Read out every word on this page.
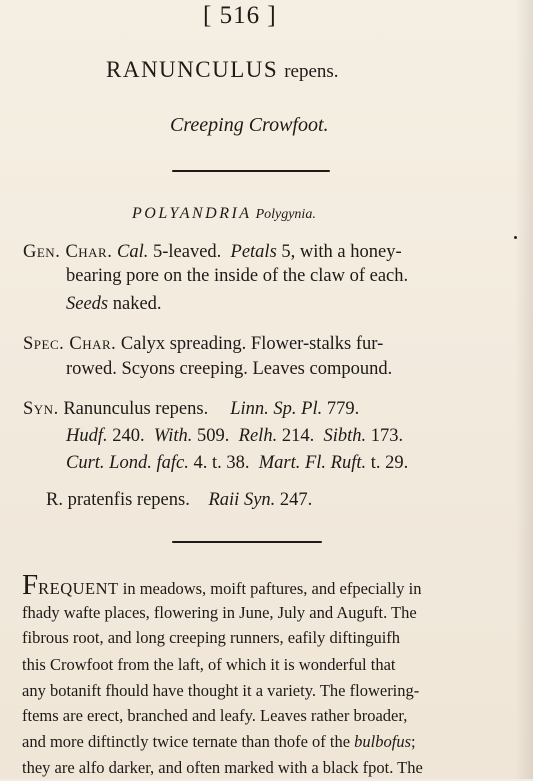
[ 516 ]
RANUNCULUS repens.
Creeping Crowfoot.
POLYANDRIA Polygynia.
Gen. Char. Cal. 5-leaved.  Petals 5, with a honey-
bearing pore on the inside of the claw of each.
Seeds naked.
Spec. Char. Calyx spreading. Flower-stalks fur-
rowed. Scyons creeping. Leaves compound.
Syn. Ranunculus repens. Linn. Sp. Pl. 779.
Hudf. 240.  With. 509.  Relh. 214.  Sibth. 173.
Curt. Lond. fafc. 4. t. 38.  Mart. Fl. Ruft. t. 29.
R. pratenfis repens. Raii Syn. 247.
FREQUENT in meadows, moift paftures, and efpecially in
fhady wafte places, flowering in June, July and Auguft. The
fibrous root, and long creeping runners, eafily diftinguifh
this Crowfoot from the laft, of which it is wonderful that
any botanift fhould have thought it a variety. The flowering-
ftems are erect, branched and leafy. Leaves rather broader,
and more diftinctly twice ternate than thofe of the bulbofus;
they are alfo darker, and often marked with a black fpot. The
